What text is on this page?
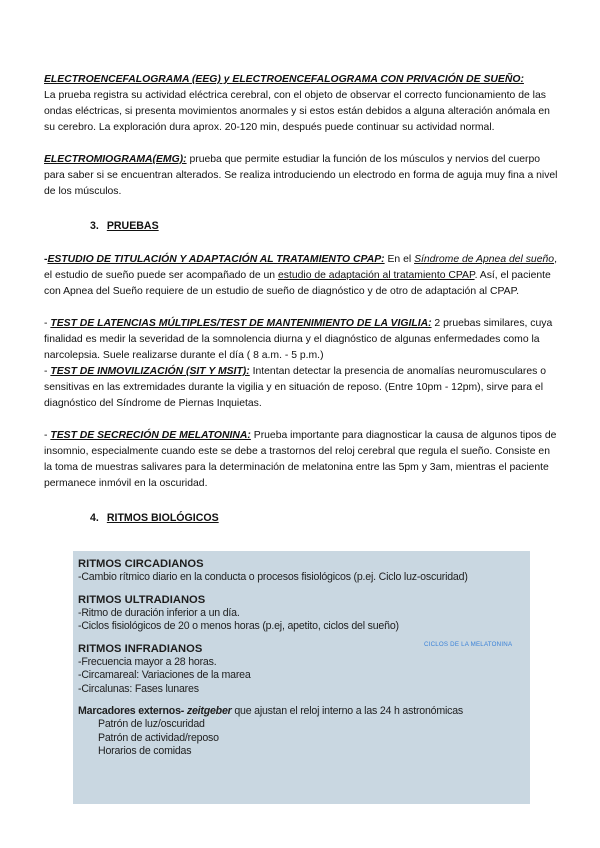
ELECTROENCEFALOGRAMA (EEG) y ELECTROENCEFALOGRAMA CON PRIVACIÓN DE SUEÑO:

La prueba registra su actividad eléctrica cerebral, con el objeto de observar el correcto funcionamiento de las ondas eléctricas, si presenta movimientos anormales y si estos están debidos a alguna alteración anómala en su cerebro. La exploración dura aprox. 20-120 min, después puede continuar su actividad normal.

ELECTROMIOGRAMA(EMG): prueba que permite estudiar la función de los músculos y nervios del cuerpo para saber si se encuentran alterados. Se realiza introduciendo un electrodo en forma de aguja muy fina a nivel de los músculos.

3. PRUEBAS

-ESTUDIO DE TITULACIÓN Y ADAPTACIÓN AL TRATAMIENTO CPAP: En el Síndrome de Apnea del sueño, el estudio de sueño puede ser acompañado de un estudio de adaptación al tratamiento CPAP. Así, el paciente con Apnea del Sueño requiere de un estudio de sueño de diagnóstico y de otro de adaptación al CPAP.

- TEST DE LATENCIAS MÚLTIPLES/TEST DE MANTENIMIENTO DE LA VIGILIA: 2 pruebas similares, cuya finalidad es medir la severidad de la somnolencia diurna y el diagnóstico de algunas enfermedades como la narcolepsia. Suele realizarse durante el día ( 8 a.m. - 5 p.m.)

- TEST DE INMOVILIZACIÓN (SIT Y MSIT): Intentan detectar la presencia de anomalías neuromusculares o sensitivas en las extremidades durante la vigilia y en situación de reposo. (Entre 10pm - 12pm), sirve para el diagnóstico del Síndrome de Piernas Inquietas.

- TEST DE SECRECIÓN DE MELATONINA: Prueba importante para diagnosticar la causa de algunos tipos de insomnio, especialmente cuando este se debe a trastornos del reloj cerebral que regula el sueño. Consiste en la toma de muestras salivares para la determinación de melatonina entre las 5pm y 3am, mientras el paciente permanece inmóvil en la oscuridad.

4. RITMOS BIOLÓGICOS
RITMOS CIRCADIANOS
-Cambio rítmico diario en la conducta o procesos fisiológicos (p.ej. Ciclo luz-oscuridad)
RITMOS ULTRADIANOS
-Ritmo de duración inferior a un día.
-Ciclos fisiológicos de 20 o menos horas (p.ej, apetito, ciclos del sueño)
RITMOS INFRADIANOS
-Frecuencia mayor a 28 horas.
-Circamareal: Variaciones de la marea
-Circalunas: Fases lunares
Marcadores externos- zeitgeber que ajustan el reloj interno a las 24 h astronómicas
Patrón de luz/oscuridad
Patrón de actividad/reposo
Horarios de comidas
CICLOS DE LA MELATONINA
